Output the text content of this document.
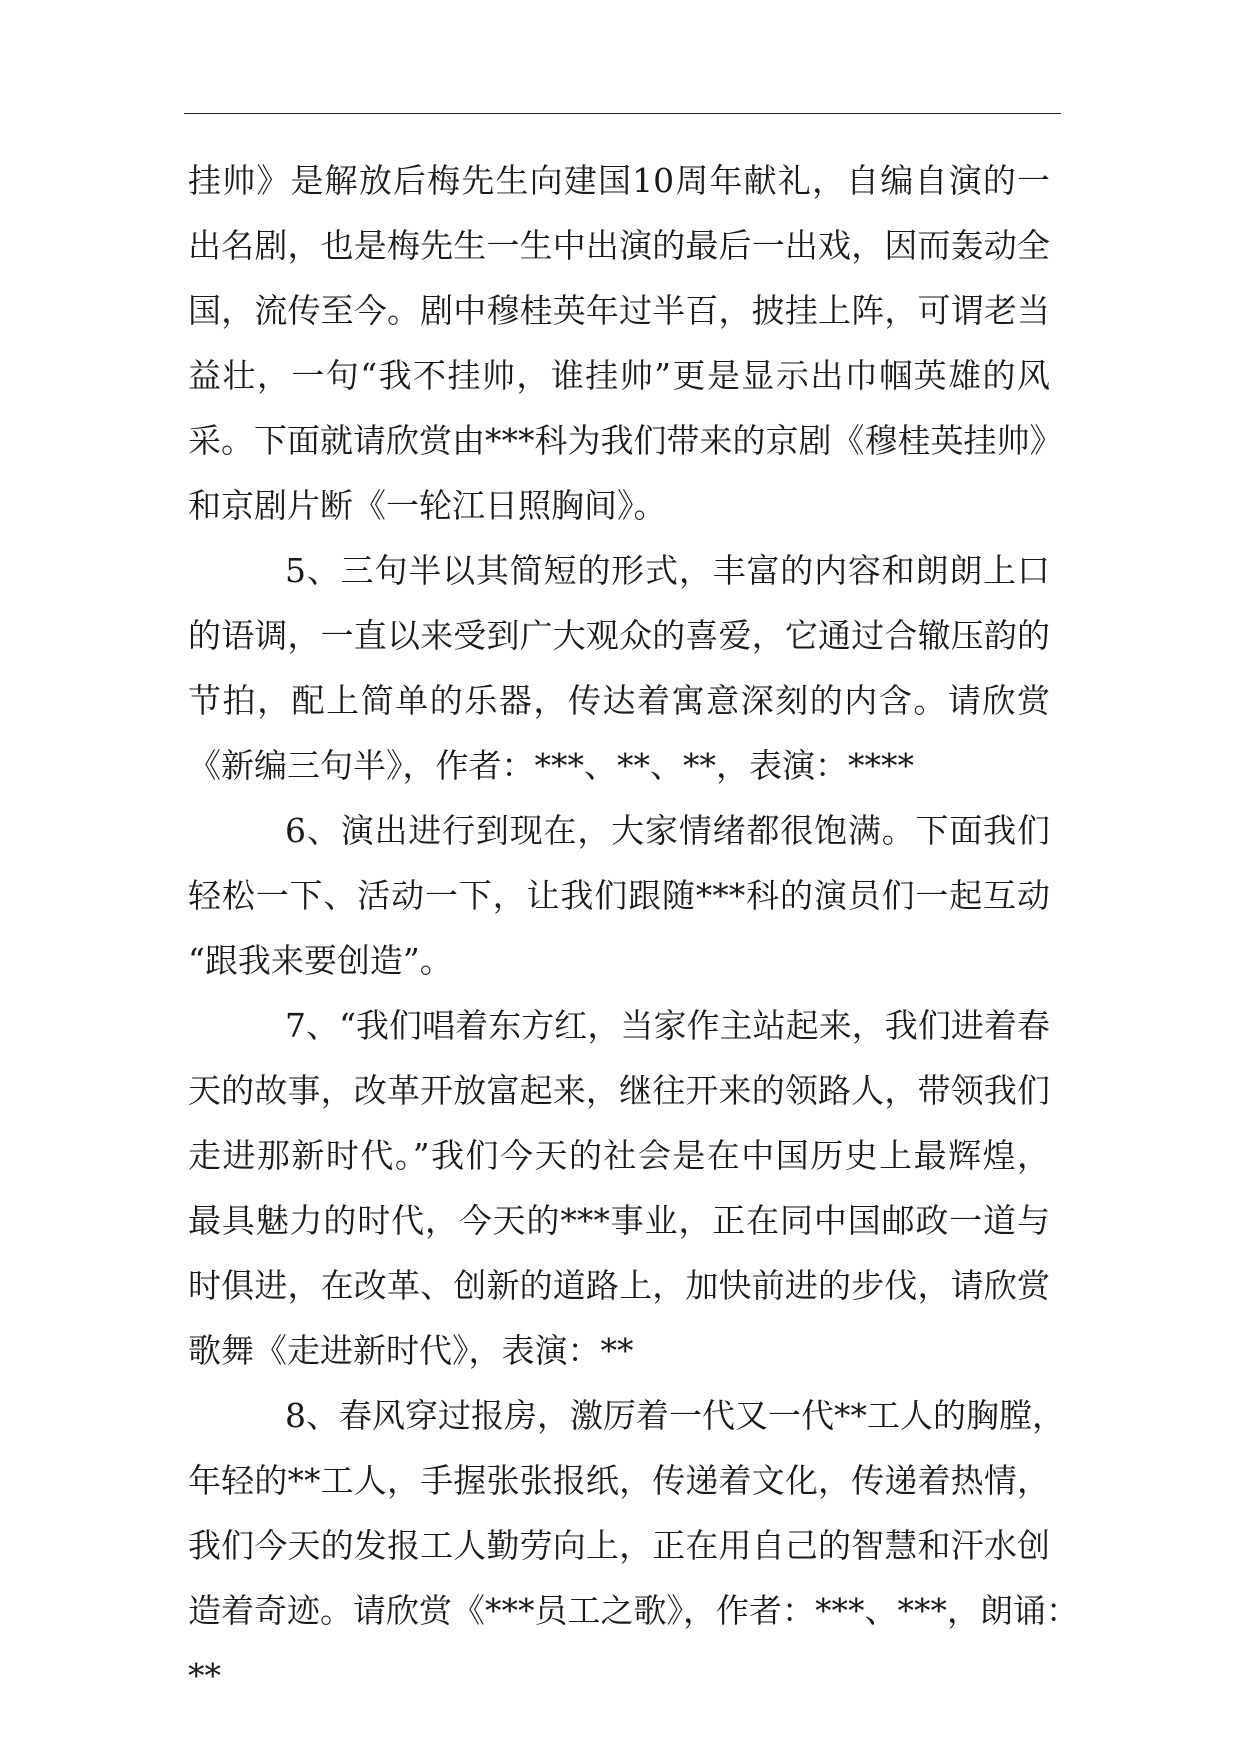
挂帅》是解放后梅先生向建国10周年献礼，自编自演的一
出名剧，也是梅先生一生中出演的最后一出戏，因而轰动全
国，流传至今。剧中穆桂英年过半百，披挂上阵，可谓老当
益壮，一句“我不挂帅，谁挂帅”更是显示出巾帼英雄的风
采。下面就请欣赏由***科为我们带来的京剧《穆桂英挂帅》
和京剧片断《一轮江日照胸间》。
5、三句半以其简短的形式，丰富的内容和朗朗上口
的语调，一直以来受到广大观众的喜爱，它通过合辙压韵的
节拍，配上简单的乐器，传达着寓意深刻的内含。请欣赏
《新编三句半》，作者：***、**、**，表演：****
6、演出进行到现在，大家情绪都很饱满。下面我们
轻松一下、活动一下，让我们跟随***科的演员们一起互动
“跟我来要创造”。
7、“我们唱着东方红，当家作主站起来，我们进着春
天的故事，改革开放富起来，继往开来的领路人，带领我们
走进那新时代。”我们今天的社会是在中国历史上最辉煌，
最具魅力的时代，今天的***事业，正在同中国邮政一道与
时俱进，在改革、创新的道路上，加快前进的步伐，请欣赏
歌舞《走进新时代》，表演：**
8、春风穿过报房，激厉着一代又一代**工人的胸膛，
年轻的**工人，手握张张报纸，传递着文化，传递着热情，
我们今天的发报工人勤劳向上，正在用自己的智慧和汗水创
造着奇迹。请欣赏《***员工之歌》，作者：***、***，朗诵：
**
